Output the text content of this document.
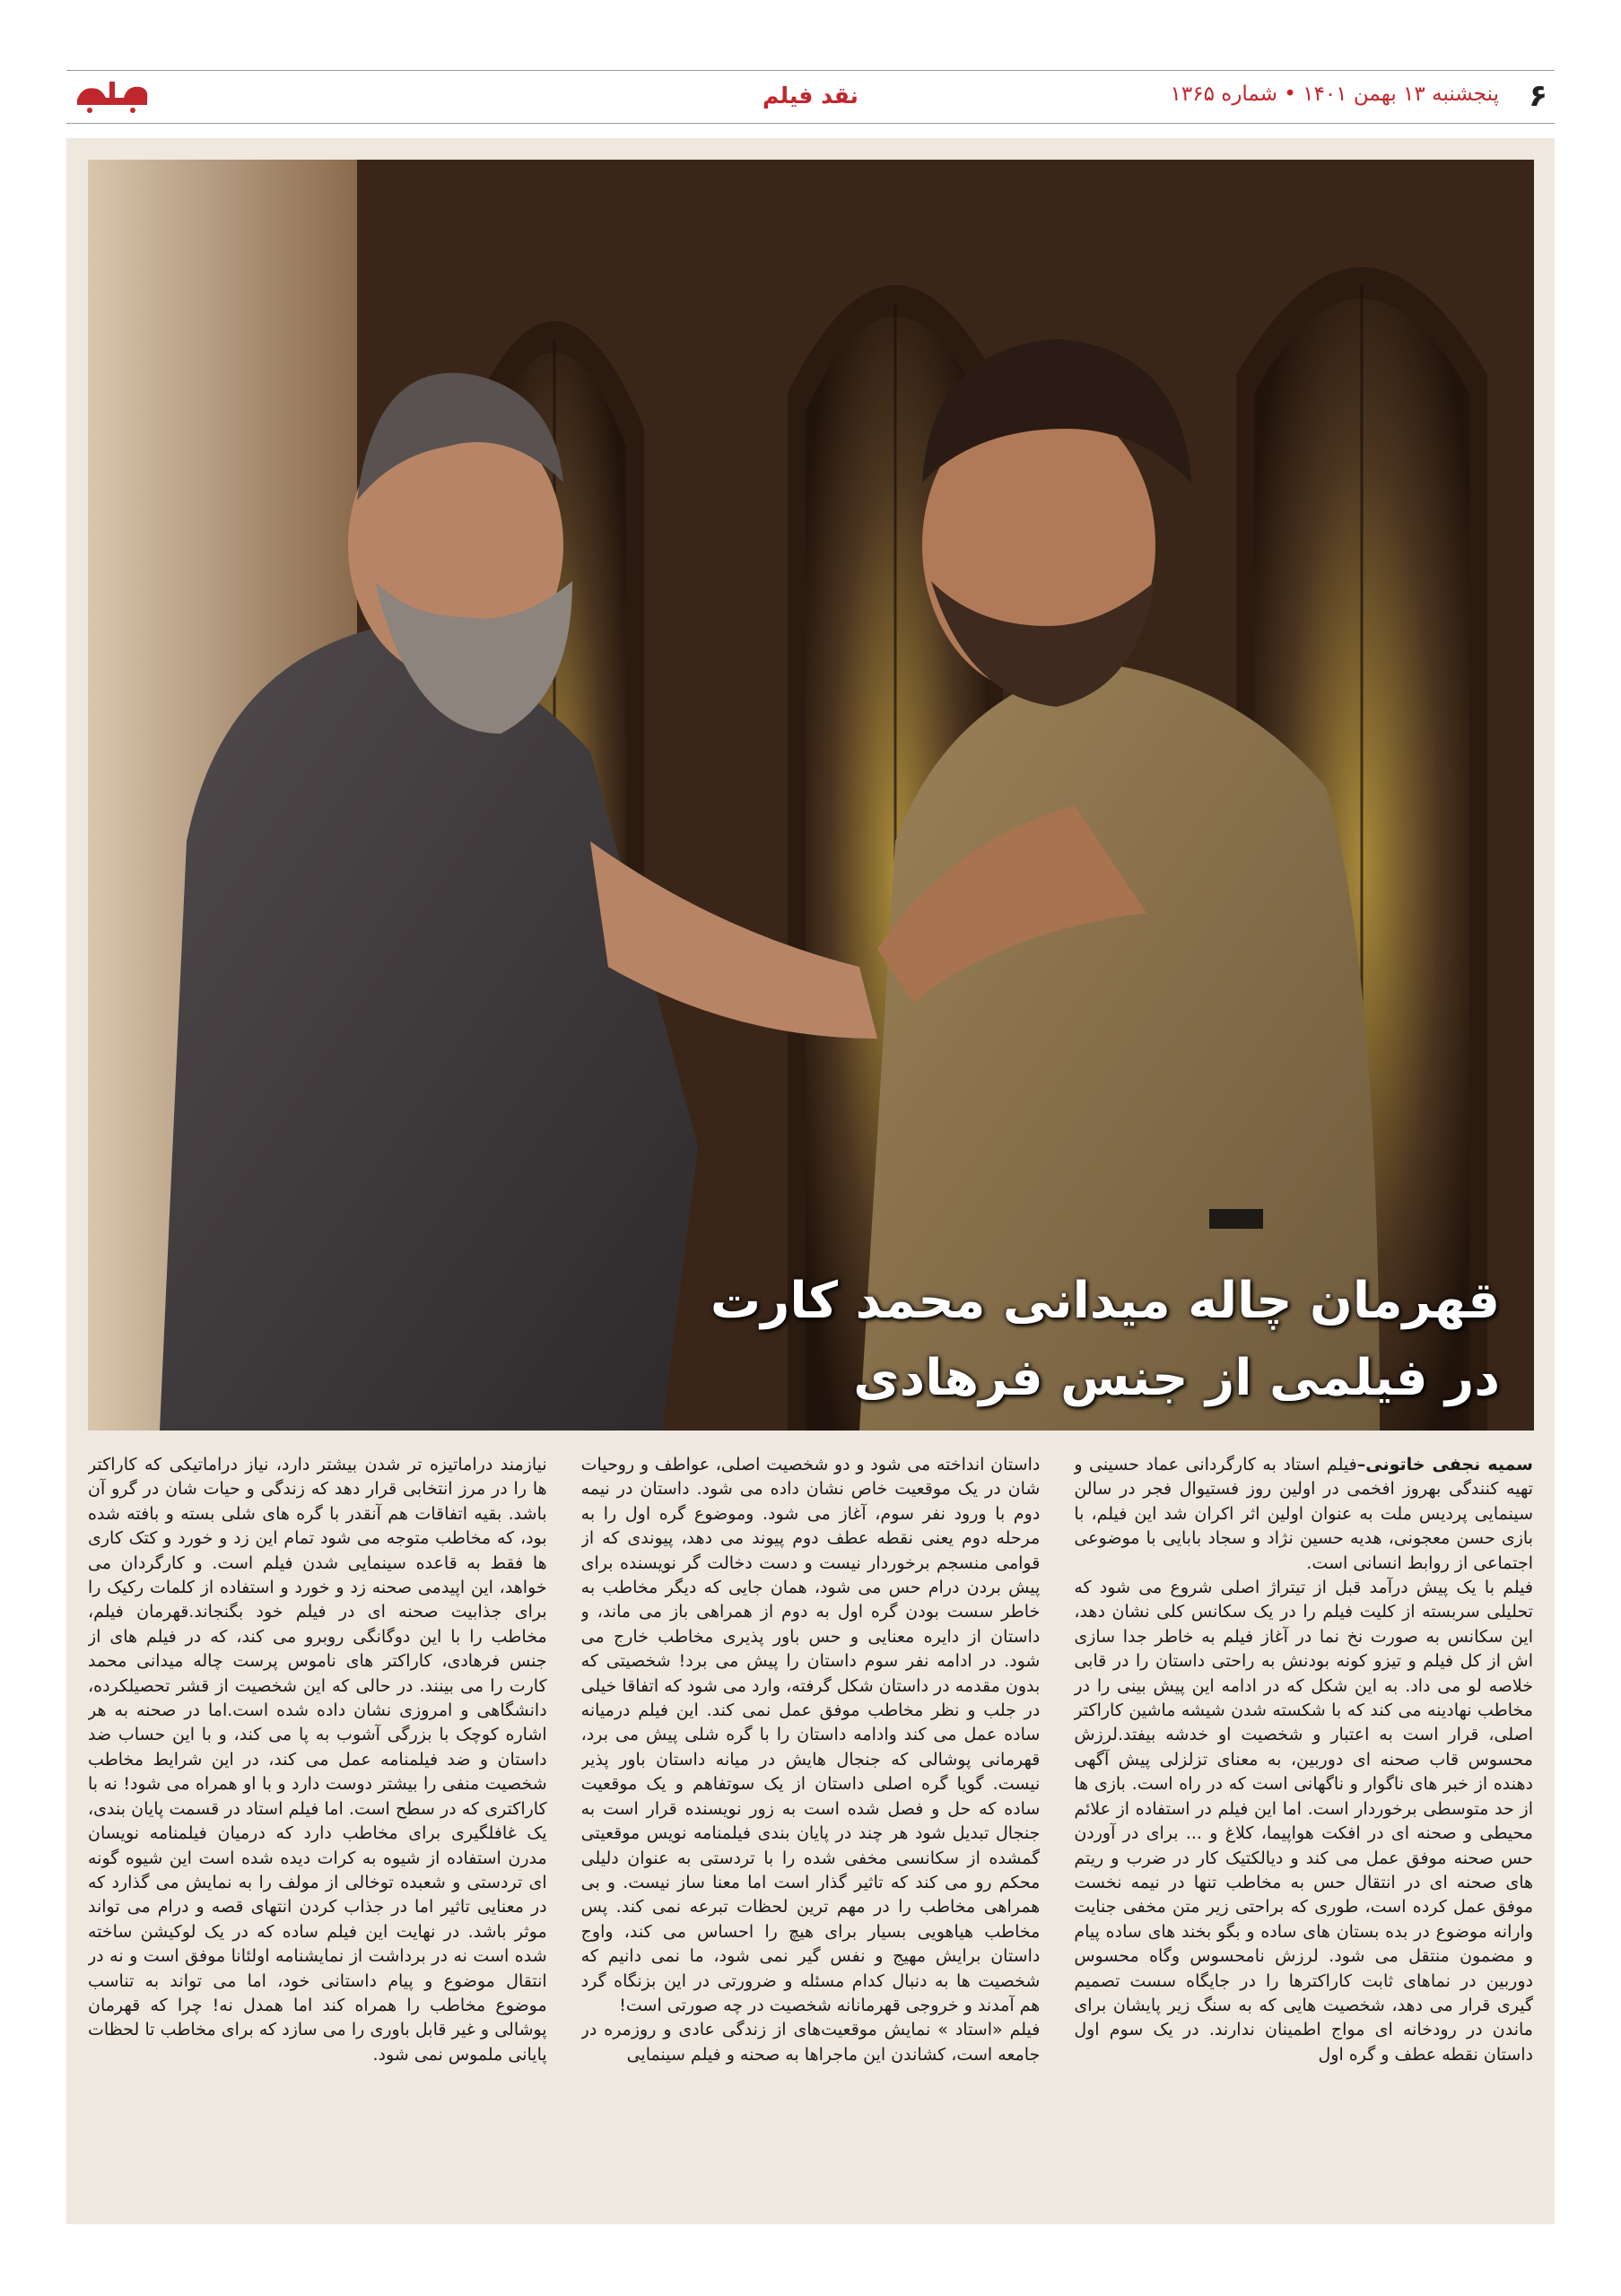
۶
پنجشنبه ۱۳ بهمن ۱۴۰۱ • شماره ۱۳۶۵
نقد فیلم
قهرمان چاله میدانی محمد کارت
در فیلمی از جنس فرهادی

سمیه نجفی خاتونی–فیلم استاد به کارگردانی عماد حسینی و تهیه کنندگی بهروز افخمی در اولین روز فستیوال فجر در سالن سینمایی پردیس ملت به عنوان اولین اثر اکران شد این فیلم، با بازی حسن معجونی، هدیه حسین نژاد و سجاد بابایی با موضوعی اجتماعی از روابط انسانی است.

فیلم با یک پیش درآمد قبل از تیتراژ اصلی شروع می شود که تحلیلی سربسته از کلیت فیلم را در یک سکانس کلی نشان دهد، این سکانس به صورت نخ نما در آغاز فیلم به خاطر جدا سازی اش از کل فیلم و تیزو کونه بودنش به راحتی داستان را در قابی خلاصه لو می داد. به این شکل که در ادامه این پیش بینی را در مخاطب نهادینه می کند که با شکسته شدن شیشه ماشین کاراکتر اصلی، قرار است به اعتبار و شخصیت او خدشه بیفتد.لرزش محسوس قاب صحنه ای دوربین، به معنای تزلزلی پیش آگهی دهنده از خبر های ناگوار و ناگهانی است که در راه است. بازی ها از حد متوسطی برخوردار است. اما این فیلم در استفاده از علائم محیطی و صحنه ای در افکت هواپیما، کلاغ و ... برای در آوردن حس صحنه موفق عمل می کند و دیالکتیک کار در ضرب و ریتم های صحنه ای در انتقال حس به مخاطب تنها در نیمه نخست موفق عمل کرده است، طوری که براحتی زیر متن مخفی جنایت وارانه موضوع در بده بستان های ساده و بگو بخند های ساده پیام و مضمون منتقل می شود. لرزش نامحسوس وگاه محسوس دوربین در نماهای ثابت کاراکترها را در جایگاه سست تصمیم گیری قرار می دهد، شخصیت هایی که به سنگ زیر پایشان برای ماندن در رودخانه ای مواج اطمینان ندارند. در یک سوم اول داستان نقطه عطف و گره اول

داستان انداخته می شود و دو شخصیت اصلی، عواطف و روحیات شان در یک موقعیت خاص نشان داده می شود. داستان در نیمه دوم با ورود نفر سوم، آغاز می شود. وموضوع گره اول را به مرحله دوم یعنی نقطه عطف دوم پیوند می دهد، پیوندی که از قوامی منسجم برخوردار نیست و دست دخالت گر نویسنده برای پیش بردن درام حس می شود، همان جایی که دیگر مخاطب به خاطر سست بودن گره اول به دوم از همراهی باز می ماند، و داستان از دایره معنایی و حس باور پذیری مخاطب خارج می شود. در ادامه نفر سوم داستان را پیش می برد! شخصیتی که بدون مقدمه در داستان شکل گرفته، وارد می شود که اتفاقا خیلی در جلب و نظر مخاطب موفق عمل نمی کند. این فیلم درمیانه ساده عمل می کند وادامه داستان را با گره شلی پیش می برد، قهرمانی پوشالی که جنجال هایش در میانه داستان باور پذیر نیست. گویا گره اصلی داستان از یک سوتفاهم و یک موقعیت ساده که حل و فصل شده است به زور نویسنده قرار است به جنجال تبدیل شود هر چند در پایان بندی فیلمنامه نویس موقعیتی گمشده از سکانسی مخفی شده را با تردستی به عنوان دلیلی محکم رو می کند که تاثیر گذار است اما معنا ساز نیست. و بی همراهی مخاطب را در مهم ترین لحظات تبرعه نمی کند. پس مخاطب هیاهویی بسیار برای هیچ را احساس می کند، واوج داستان برایش مهیج و نفس گیر نمی شود، ما نمی دانیم که شخصیت ها به دنبال کدام مسئله و ضرورتی در این بزنگاه گرد هم آمدند و خروجی قهرمانانه شخصیت در چه صورتی است!

فیلم «استاد » نمایش موقعیت‌های از زندگی عادی و روزمره در جامعه است، کشاندن این ماجراها به صحنه و فیلم سینمایی

نیازمند دراماتیزه تر شدن بیشتر دارد، نیاز دراماتیکی که کاراکتر ها را در مرز انتخابی قرار دهد که زندگی و حیات شان در گرو آن باشد. بقیه اتفاقات هم آنقدر با گره های شلی بسته و بافته شده بود، که مخاطب متوجه می شود تمام این زد و خورد و کتک کاری ها فقط به قاعده سینمایی شدن فیلم است. و کارگردان می خواهد، این اپیدمی صحنه زد و خورد و استفاده از کلمات رکیک را برای جذابیت صحنه ای در فیلم خود بگنجاند.قهرمان فیلم، مخاطب را با این دوگانگی روبرو می کند، که در فیلم های از جنس فرهادی، کاراکتر های ناموس پرست چاله میدانی محمد کارت را می بینند. در حالی که این شخصیت از قشر تحصیلکرده، دانشگاهی و امروزی نشان داده شده است.اما در صحنه به هر اشاره کوچک با بزرگی آشوب به پا می کند، و با این حساب ضد داستان و ضد فیلمنامه عمل می کند، در این شرایط مخاطب شخصیت منفی را بیشتر دوست دارد و با او همراه می شود! نه با کاراکتری که در سطح است. اما فیلم استاد در قسمت پایان بندی، یک غافلگیری برای مخاطب دارد که درمیان فیلمنامه نویسان مدرن استفاده از شیوه به کرات دیده شده است این شیوه گونه ای تردستی و شعبده توخالی از مولف را به نمایش می گذارد که در معنایی تاثیر اما در جذاب کردن انتهای قصه و درام می تواند موثر باشد. در نهایت این فیلم ساده که در یک لوکیشن ساخته شده است نه در برداشت از نمایشنامه اولئانا موفق است و نه در انتقال موضوع و پیام داستانی خود، اما می تواند به تناسب موضوع مخاطب را همراه کند اما همدل نه! چرا که قهرمان پوشالی و غیر قابل باوری را می سازد که برای مخاطب تا لحظات پایانی ملموس نمی شود.
